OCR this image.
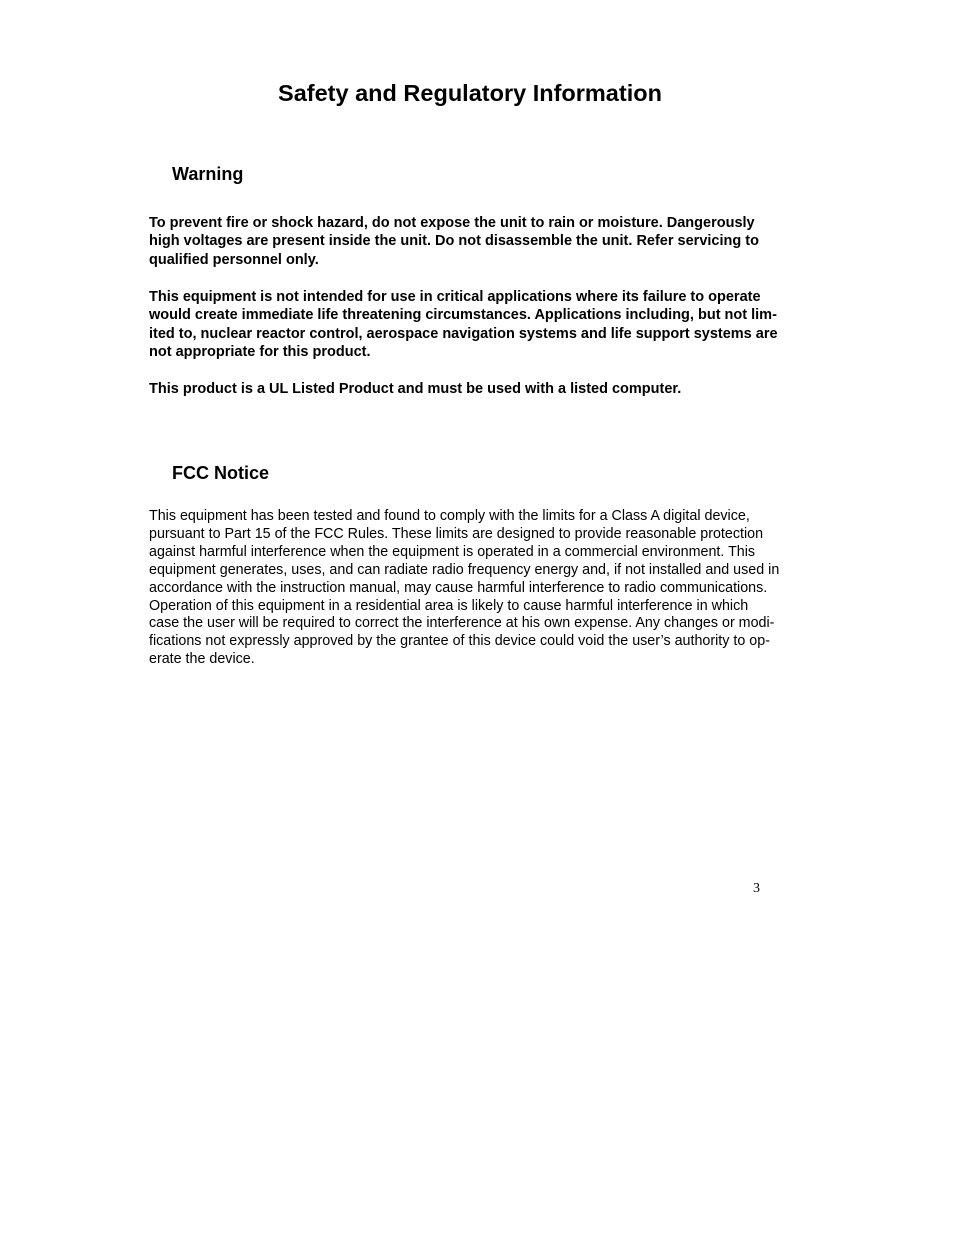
Safety and Regulatory Information
Warning

To prevent fire or shock hazard, do not expose the unit to rain or moisture. Dangerously
high voltages are present inside the unit. Do not disassemble the unit. Refer servicing to
qualified personnel only.

This equipment is not intended for use in critical applications where its failure to operate
would create immediate life threatening circumstances. Applications including, but not lim-
ited to, nuclear reactor control, aerospace navigation systems and life support systems are
not appropriate for this product.

This product is a UL Listed Product and must be used with a listed computer.

FCC Notice

This equipment has been tested and found to comply with the limits for a Class A digital device,
pursuant to Part 15 of the FCC Rules. These limits are designed to provide reasonable protection
against harmful interference when the equipment is operated in a commercial environment. This
equipment generates, uses, and can radiate radio frequency energy and, if not installed and used in
accordance with the instruction manual, may cause harmful interference to radio communications.
Operation of this equipment in a residential area is likely to cause harmful interference in which
case the user will be required to correct the interference at his own expense. Any changes or modi-
fications not expressly approved by the grantee of this device could void the user’s authority to op-
erate the device.

3
